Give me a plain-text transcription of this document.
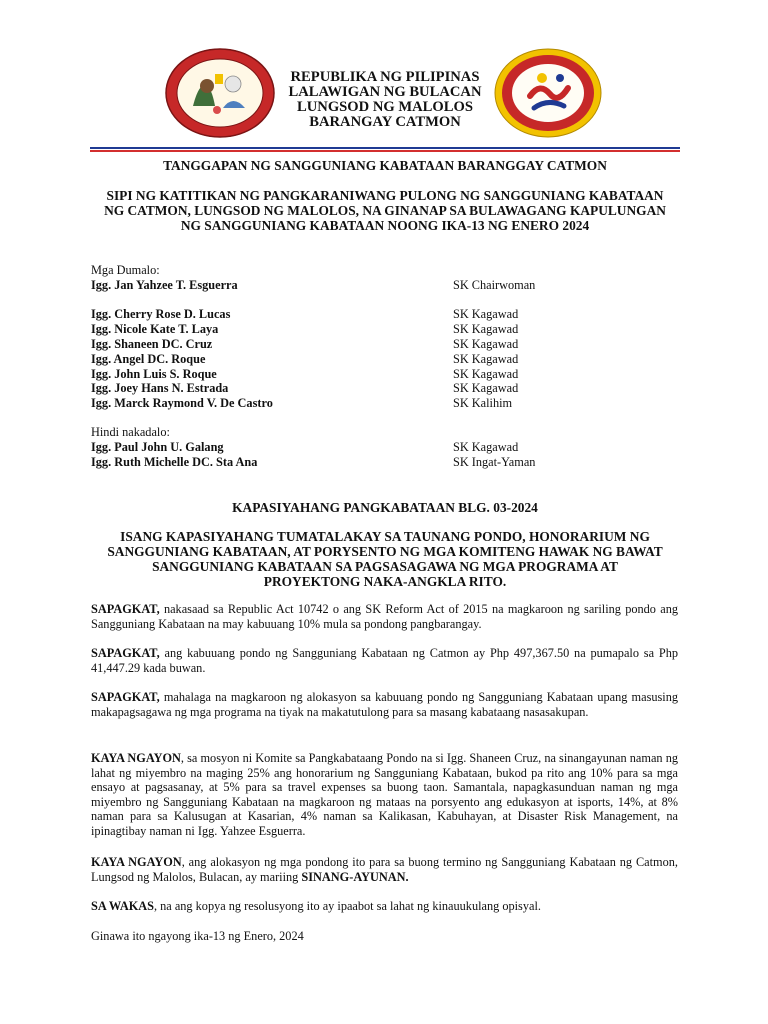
REPUBLIKA NG PILIPINAS
LALAWIGAN NG BULACAN
LUNGSOD NG MALOLOS
BARANGAY CATMON
TANGGAPAN NG SANGGUNIANG KABATAAN BARANGGAY CATMON
SIPI NG KATITIKAN NG PANGKARANIWANG PULONG NG SANGGUNIANG KABATAAN
NG CATMON, LUNGSOD NG MALOLOS, NA GINANAP SA BULAWAGANG KAPULUNGAN
NG SANGGUNIANG KABATAAN NOONG IKA-13 NG ENERO 2024
Mga Dumalo:
Igg. Jan Yahzee T. Esguerra	SK Chairwoman
Igg. Cherry Rose D. Lucas	SK Kagawad
Igg. Nicole Kate T. Laya	SK Kagawad
Igg. Shaneen DC. Cruz	SK Kagawad
Igg. Angel DC. Roque	SK Kagawad
Igg. John Luis S. Roque	SK Kagawad
Igg. Joey Hans N. Estrada	SK Kagawad
Igg. Marck Raymond V. De Castro	SK Kalihim
Hindi nakadalo:
Igg. Paul John U. Galang	SK Kagawad
Igg. Ruth Michelle DC. Sta Ana	SK Ingat-Yaman
KAPASIYAHANG PANGKABATAAN BLG. 03-2024
ISANG KAPASIYAHANG TUMATALAKAY SA TAUNANG PONDO, HONORARIUM NG
SANGGUNIANG KABATAAN, AT PORYSENTO NG MGA KOMITENG HAWAK NG BAWAT
SANGGUNIANG KABATAAN SA PAGSASAGAWA NG MGA PROGRAMA AT
PROYEKTONG NAKA-ANGKLA RITO.
SAPAGKAT, nakasaad sa Republic Act 10742 o ang SK Reform Act of 2015 na magkaroon ng sariling pondo ang Sangguniang Kabataan na may kabuuang 10% mula sa pondong pangbarangay.
SAPAGKAT, ang kabuuang pondo ng Sangguniang Kabataan ng Catmon ay Php 497,367.50 na pumapalo sa Php 41,447.29 kada buwan.
SAPAGKAT, mahalaga na magkaroon ng alokasyon sa kabuuang pondo ng Sangguniang Kabataan upang masusing makapagsagawa ng mga programa na tiyak na makatutulong para sa masang kabataang nasasakupan.
KAYA NGAYON, sa mosyon ni Komite sa Pangkabataang Pondo na si Igg. Shaneen Cruz, na sinangayunan naman ng lahat ng miyembro na maging 25% ang honorarium ng Sangguniang Kabataan, bukod pa rito ang 10% para sa mga ensayo at pagsasanay, at 5% para sa travel expenses sa buong taon. Samantala, napagkasunduan naman ng mga miyembro ng Sangguniang Kabataan na magkaroon ng mataas na porsyento ang edukasyon at isports, 14%, at 8% naman para sa Kalusugan at Kasarian, 4% naman sa Kalikasan, Kabuhayan, at Disaster Risk Management, na ipinagtibay naman ni Igg. Yahzee Esguerra.
KAYA NGAYON, ang alokasyon ng mga pondong ito para sa buong termino ng Sangguniang Kabataan ng Catmon, Lungsod ng Malolos, Bulacan, ay mariing SINANG-AYUNAN.
SA WAKAS, na ang kopya ng resolusyong ito ay ipaabot sa lahat ng kinauukulang opisyal.
Ginawa ito ngayong ika-13 ng Enero, 2024
